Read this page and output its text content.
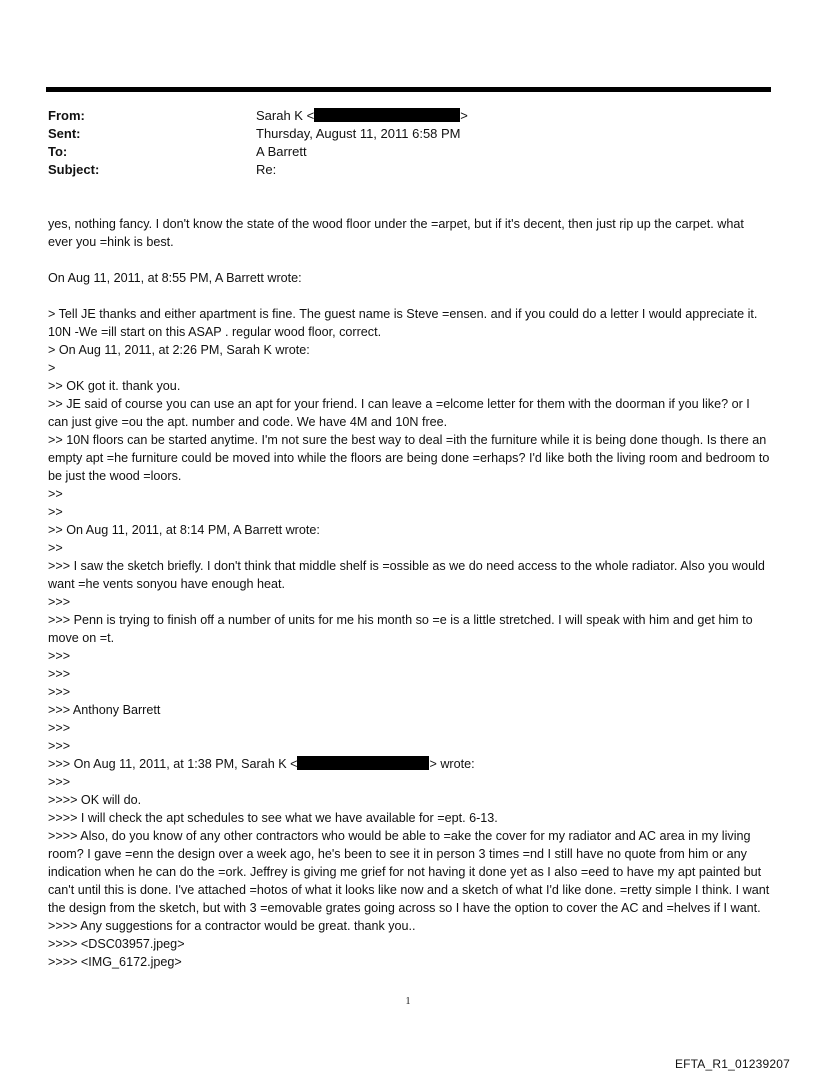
From:	Sarah K <	>
Sent:	Thursday, August 11, 2011 6:58 PM
To:	A Barrett
Subject:	Re:

yes, nothing fancy. I don't know the state of the wood floor under the =arpet, but if it's decent, then just rip up the carpet. what ever you =hink is best.

On Aug 11, 2011, at 8:55 PM, A Barrett wrote:

> Tell JE thanks and either apartment is fine. The guest name is Steve =ensen. and if you could do a letter I would appreciate it. 10N -We =ill start on this ASAP . regular wood floor, correct.

> On Aug 11, 2011, at 2:26 PM, Sarah K wrote:

>

>> OK got it. thank you.

>> JE said of course you can use an apt for your friend. I can leave a =elcome letter for them with the doorman if you like? or I can just give =ou the apt. number and code. We have 4M and 10N free.

>> 10N floors can be started anytime. I'm not sure the best way to deal =ith the furniture while it is being done though. Is there an empty apt =he furniture could be moved into while the floors are being done =erhaps? I'd like both the living room and bedroom to be just the wood =loors.

>>

>>

>> On Aug 11, 2011, at 8:14 PM, A Barrett wrote:

>>

>>> I saw the sketch briefly. I don't think that middle shelf is =ossible as we do need access to the whole radiator. Also you would want =he vents sonyou have enough heat.

>>>

>>> Penn is trying to finish off a number of units for me his month so =e is a little stretched. I will speak with him and get him to move on =t.

>>>

>>>

>>>

>>> Anthony Barrett

>>>

>>>

>>> On Aug 11, 2011, at 1:38 PM, Sarah K <	> wrote:

>>>

>>>> OK will do.

>>>> I will check the apt schedules to see what we have available for =ept. 6-13.

>>>> Also, do you know of any other contractors who would be able to =ake the cover for my radiator and AC area in my living room? I gave =enn the design over a week ago, he's been to see it in person 3 times =nd I still have no quote from him or any indication when he can do the =ork. Jeffrey is giving me grief for not having it done yet as I also =eed to have my apt painted but can't until this is done. I've attached =hotos of what it looks like now and a sketch of what I'd like done. =retty simple I think. I want the design from the sketch, but with 3 =emovable grates going across so I have the option to cover the AC and =helves if I want.

>>>> Any suggestions for a contractor would be great. thank you..

>>>> <DSC03957.jpeg>

>>>> <IMG_6172.jpeg>

1
EFTA_R1_01239207
